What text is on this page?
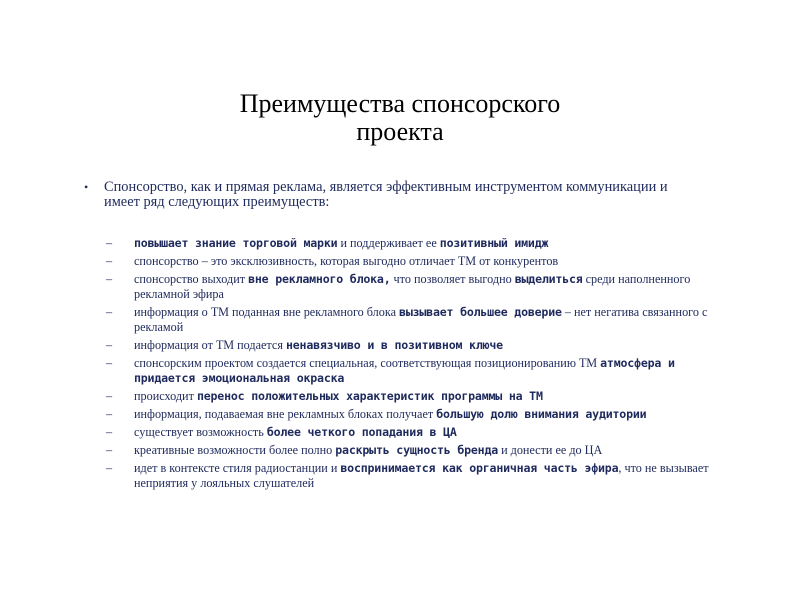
Преимущества спонсорского
проекта
• Спонсорство, как и прямая реклама, является эффективным инструментом коммуникации и имеет ряд следующих преимуществ:
– повышает знание торговой марки и поддерживает ее позитивный имидж
– спонсорство – это эксклюзивность, которая выгодно отличает ТМ от конкурентов
– спонсорство выходит вне рекламного блока, что позволяет выгодно выделиться среди наполненного рекламной эфира
– информация о ТМ поданная вне рекламного блока вызывает большее доверие – нет негатива связанного с рекламой
– информация от ТМ подается ненавязчиво и в позитивном ключе
– спонсорским проектом создается специальная, соответствующая позиционированию ТМ атмосфера и придается эмоциональная окраска
– происходит перенос положительных характеристик программы на ТМ
– информация, подаваемая вне рекламных блоках получает большую долю внимания аудитории
– существует возможность более четкого попадания в ЦА
– креативные возможности более полно раскрыть сущность бренда и донести ее до ЦА
– идет в контексте стиля радиостанции и воспринимается как органичная часть эфира, что не вызывает неприятия у лояльных слушателей
